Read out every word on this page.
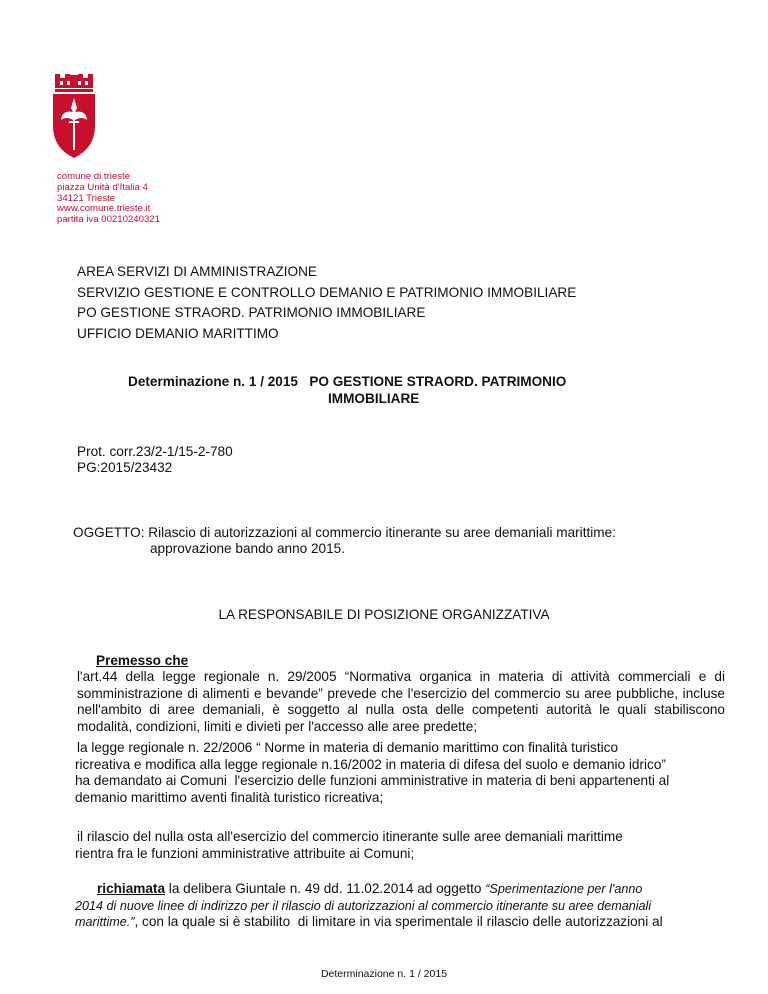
comune di trieste
piazza Unità d'Italia 4
34121 Trieste
www.comune.trieste.it
partita iva 00210240321
AREA SERVIZI DI AMMINISTRAZIONE
SERVIZIO GESTIONE E CONTROLLO DEMANIO E PATRIMONIO IMMOBILIARE
PO GESTIONE STRAORD. PATRIMONIO IMMOBILIARE
UFFICIO DEMANIO MARITTIMO
Determinazione n. 1 / 2015   PO GESTIONE STRAORD. PATRIMONIO
IMMOBILIARE
Prot. corr.23/2-1/15-2-780
PG:2015/23432
OGGETTO: Rilascio di autorizzazioni al commercio itinerante su aree demaniali marittime:
approvazione bando anno 2015.
LA RESPONSABILE DI POSIZIONE ORGANIZZATIVA
Premesso che
l'art.44 della legge regionale n. 29/2005 “Normativa organica in materia di attività commerciali e di somministrazione di alimenti e bevande” prevede che l'esercizio del commercio su aree pubbliche, incluse nell'ambito di aree demaniali, è soggetto al nulla osta delle competenti autorità le quali stabiliscono modalità, condizioni, limiti e divieti per l'accesso alle aree predette;
la legge regionale n. 22/2006 “ Norme in materia di demanio marittimo con finalità turistico
ricreativa e modifica alla legge regionale n.16/2002 in materia di difesa del suolo e demanio idrico”
ha demandato ai Comuni  l'esercizio delle funzioni amministrative in materia di beni appartenenti al
demanio marittimo aventi finalità turistico ricreativa;
il rilascio del nulla osta all'esercizio del commercio itinerante sulle aree demaniali marittime
rientra fra le funzioni amministrative attribuite ai Comuni;
richiamata la delibera Giuntale n. 49 dd. 11.02.2014 ad oggetto “Sperimentazione per l'anno
2014 di nuove linee di indirizzo per il rilascio di autorizzazioni al commercio itinerante su aree demaniali
marittime.”, con la quale si è stabilito  di limitare in via sperimentale il rilascio delle autorizzazioni al
Determinazione n. 1 / 2015
